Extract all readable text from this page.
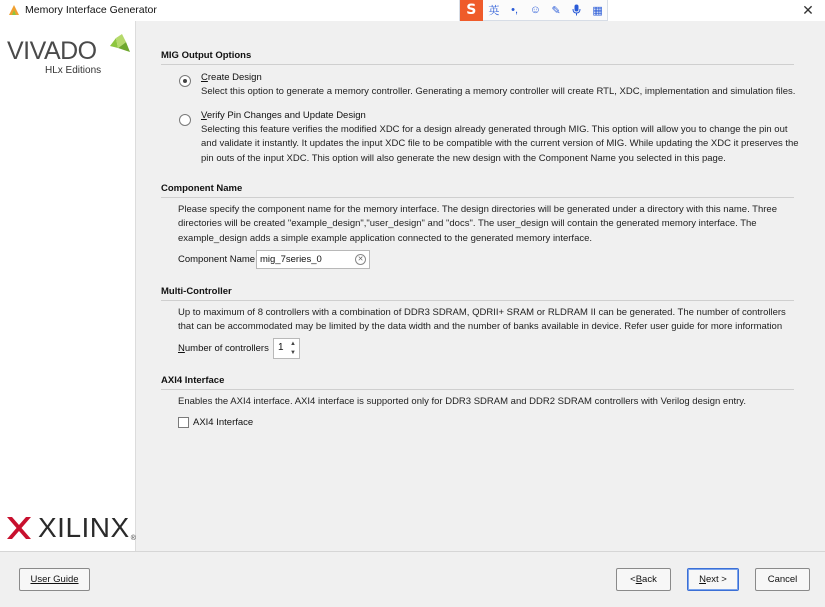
Memory Interface Generator	S	英	•,	☺ ✎	▦	✕
VIVADO
HLx Editions
XILINX ®
MIG Output Options
Create Design
Select this option to generate a memory controller. Generating a memory controller will create RTL, XDC, implementation and simulation files.
Verify Pin Changes and Update Design
Selecting this feature verifies the modified XDC for a design already generated through MIG. This option will allow you to change the pin out and validate it instantly. It updates the input XDC file to be compatible with the current version of MIG. While updating the XDC it preserves the pin outs of the input XDC. This option will also generate the new design with the Component Name you selected in this page.
Component Name
Please specify the component name for the memory interface. The design directories will be generated under a directory with this name. Three directories will be created "example_design","user_design" and "docs". The user_design will contain the generated memory interface. The example_design adds a simple example application connected to the generated memory interface.
Component Name
mig_7series_0	✕
Multi-Controller
Up to maximum of 8 controllers with a combination of DDR3 SDRAM, QDRII+ SRAM or RLDRAM II can be generated. The number of controllers that can be accommodated may be limited by the data width and the number of banks available in device. Refer user guide for more information
Number of controllers 1 ▲
▼
AXI4 Interface
Enables the AXI4 interface. AXI4 interface is supported only for DDR3 SDRAM and DDR2 SDRAM controllers with Verilog design entry.
AXI4 Interface
User Guide	< B ack	N ext >	Cancel
